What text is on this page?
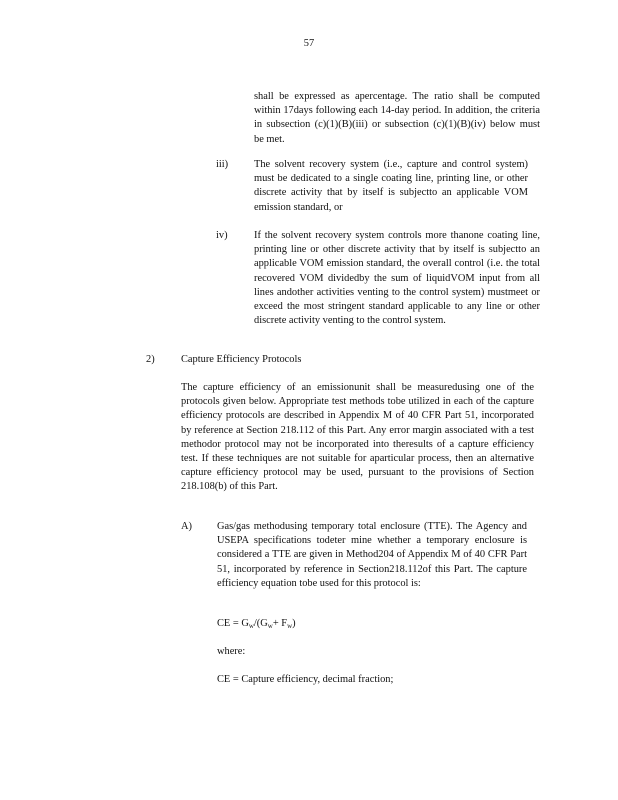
57
shall be expressed as apercentage. The ratio shall be computed within 17days following each 14-day period. In addition, the criteria in subsection (c)(1)(B)(iii) or subsection (c)(1)(B)(iv) below must be met.
iii) The solvent recovery system (i.e., capture and control system) must be dedicated to a single coating line, printing line, or other discrete activity that by itself is subjectto an applicable VOM emission standard, or
iv)	If the solvent recovery system controls more thanone coating line, printing line or other discrete activity that by itself is subjectto an applicable VOM emission standard, the overall control (i.e. the total recovered VOM dividedby the sum of liquidVOM input from all lines andother activities venting to the control system) mustmeet or exceed the most stringent standard applicable to any line or other discrete activity venting to the control system.
2)	Capture Efficiency Protocols
The capture efficiency of an emissionunit shall be measuredusing one of the protocols given below. Appropriate test methods tobe utilized in each of the capture efficiency protocols are described in Appendix M of 40 CFR Part 51, incorporated by reference at Section 218.112 of this Part. Any error margin associated with a test methodor protocol may not be incorporated into theresults of a capture efficiency test. If these techniques are not suitable for aparticular process, then an alternative capture efficiency protocol may be used, pursuant to the provisions of Section 218.108(b) of this Part.
A) Gas/gas methodusing temporary total enclosure (TTE). The Agency and USEPA specifications todeter mine whether a temporary enclosure is considered a TTE are given in Method204 of Appendix M of 40 CFR Part 51, incorporated by reference in Section218.112of this Part. The capture efficiency equation tobe used for this protocol is:
CE = $G_w/(G_w+ F_w)$
where:
CE = Capture efficiency, decimal fraction;
